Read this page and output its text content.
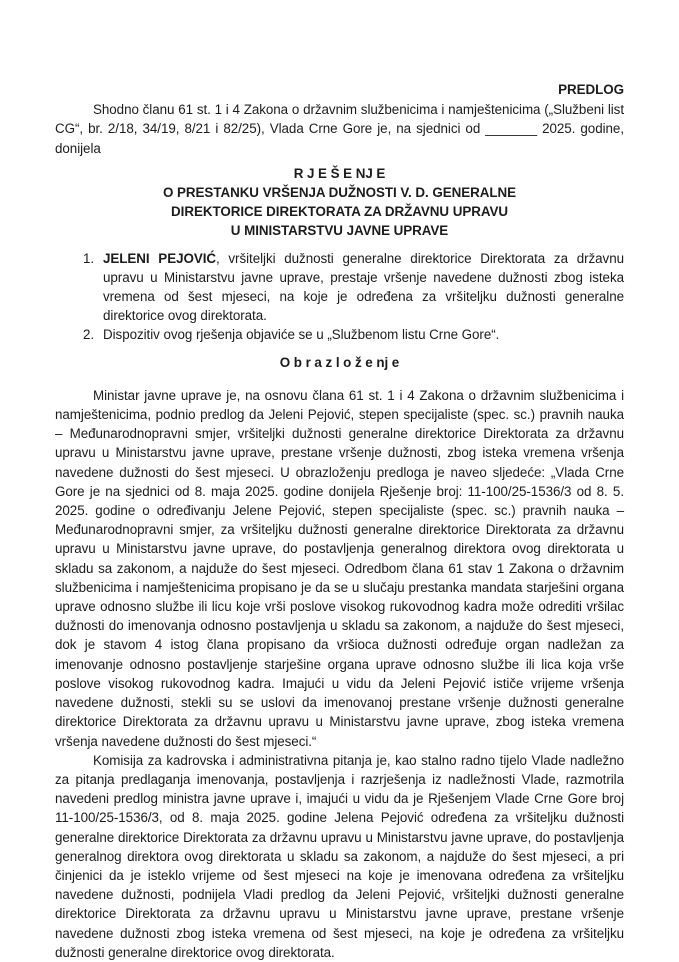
PREDLOG

Shodno članu 61 st. 1 i 4 Zakona o državnim službenicima i namještenicima („Službeni list CG“, br. 2/18, 34/19, 8/21 i 82/25), Vlada Crne Gore je, na sjednici od _______ 2025. godine, donijela

R J E Š E NJ E
O PRESTANKU VRŠENJA DUŽNOSTI V. D. GENERALNE
DIREKTORICE DIREKTORATA ZA DRŽAVNU UPRAVU
U MINISTARSTVU JAVNE UPRAVE
1. JELENI PEJOVIĆ, vršiteljki dužnosti generalne direktorice Direktorata za državnu upravu u Ministarstvu javne uprave, prestaje vršenje navedene dužnosti zbog isteka vremena od šest mjeseci, na koje je određena za vršiteljku dužnosti generalne direktorice ovog direktorata.
2. Dispozitiv ovog rješenja objaviće se u „Službenom listu Crne Gore“.

O b r a z l o ž e nj e

Ministar javne uprave je, na osnovu člana 61 st. 1 i 4 Zakona o državnim službenicima i namještenicima, podnio predlog da Jeleni Pejović, stepen specijaliste (spec. sc.) pravnih nauka – Međunarodnopravni smjer, vršiteljki dužnosti generalne direktorice Direktorata za državnu upravu u Ministarstvu javne uprave, prestane vršenje dužnosti, zbog isteka vremena vršenja navedene dužnosti do šest mjeseci. U obrazloženju predloga je naveo sljedeće: „Vlada Crne Gore je na sjednici od 8. maja 2025. godine donijela Rješenje broj: 11-100/25-1536/3 od 8. 5. 2025. godine o određivanju Jelene Pejović, stepen specijaliste (spec. sc.) pravnih nauka – Međunarodnopravni smjer, za vršiteljku dužnosti generalne direktorice Direktorata za državnu upravu u Ministarstvu javne uprave, do postavljenja generalnog direktora ovog direktorata u skladu sa zakonom, a najduže do šest mjeseci. Odredbom člana 61 stav 1 Zakona o državnim službenicima i namještenicima propisano je da se u slučaju prestanka mandata starješini organa uprave odnosno službe ili licu koje vrši poslove visokog rukovodnog kadra može odrediti vršilac dužnosti do imenovanja odnosno postavljenja u skladu sa zakonom, a najduže do šest mjeseci, dok je stavom 4 istog člana propisano da vršioca dužnosti određuje organ nadležan za imenovanje odnosno postavljenje starješine organa uprave odnosno službe ili lica koja vrše poslove visokog rukovodnog kadra. Imajući u vidu da Jeleni Pejović ističe vrijeme vršenja navedene dužnosti, stekli su se uslovi da imenovanoj prestane vršenje dužnosti generalne direktorice Direktorata za državnu upravu u Ministarstvu javne uprave, zbog isteka vremena vršenja navedene dužnosti do šest mjeseci.“

Komisija za kadrovska i administrativna pitanja je, kao stalno radno tijelo Vlade nadležno za pitanja predlaganja imenovanja, postavljenja i razrješenja iz nadležnosti Vlade, razmotrila navedeni predlog ministra javne uprave i, imajući u vidu da je Rješenjem Vlade Crne Gore broj 11-100/25-1536/3, od 8. maja 2025. godine Jelena Pejović određena za vršiteljku dužnosti generalne direktorice Direktorata za državnu upravu u Ministarstvu javne uprave, do postavljenja generalnog direktora ovog direktorata u skladu sa zakonom, a najduže do šest mjeseci, a pri činjenici da je isteklo vrijeme od šest mjeseci na koje je imenovana određena za vršiteljku navedene dužnosti, podnijela Vladi predlog da Jeleni Pejović, vršiteljki dužnosti generalne direktorice Direktorata za državnu upravu u Ministarstvu javne uprave, prestane vršenje navedene dužnosti zbog isteka vremena od šest mjeseci, na koje je određena za vršiteljku dužnosti generalne direktorice ovog direktorata.
